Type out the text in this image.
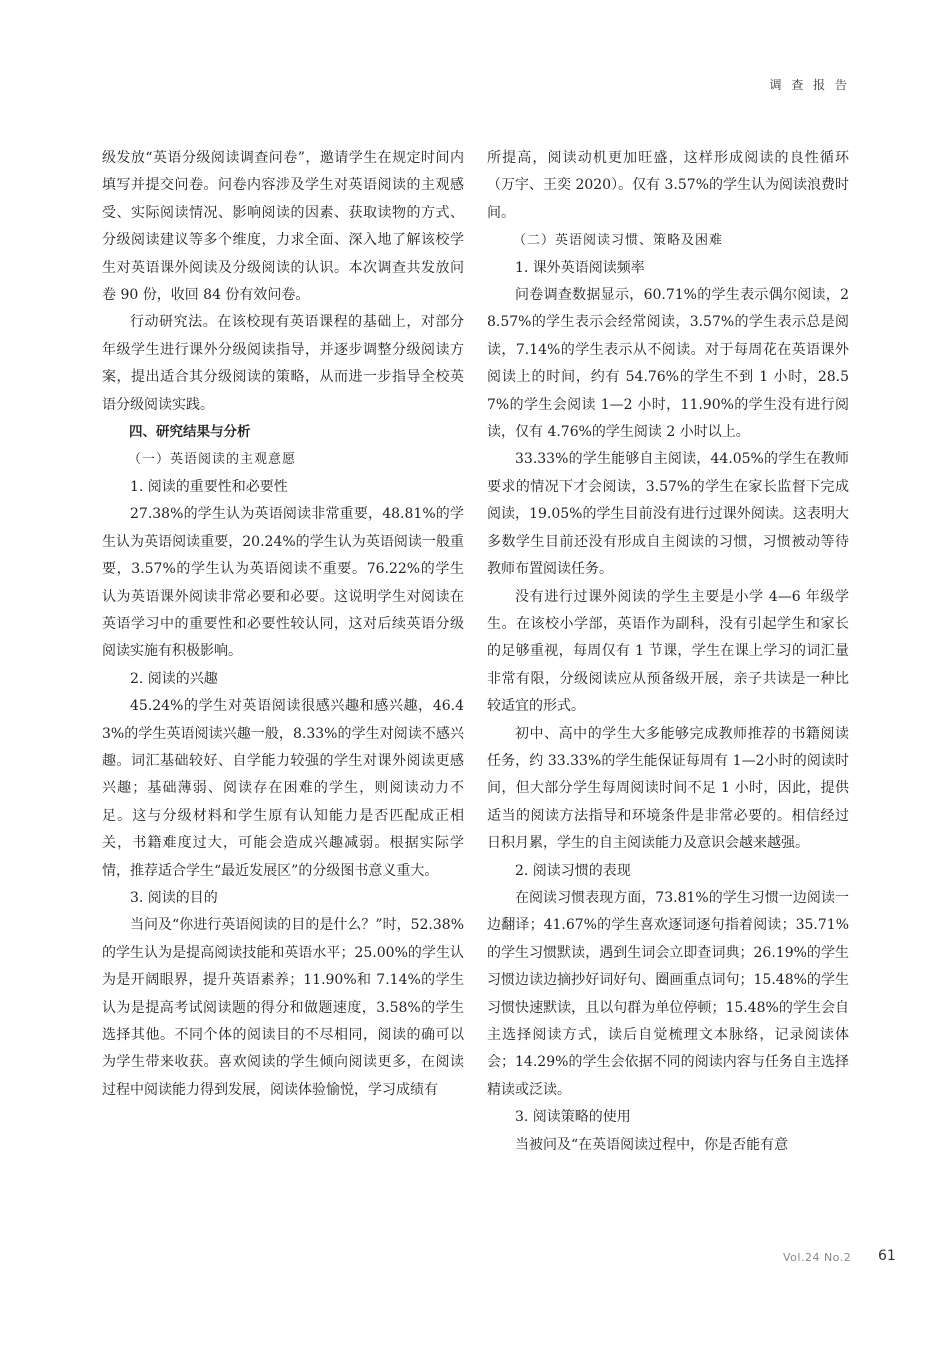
调 查 报 告

级发放“英语分级阅读调查问卷”，邀请学生在规定时间内填写并提交问卷。问卷内容涉及学生对英语阅读的主观感受、实际阅读情况、影响阅读的因素、获取读物的方式、分级阅读建议等多个维度，力求全面、深入地了解该校学生对英语课外阅读及分级阅读的认识。本次调查共发放问卷 90 份，收回 84 份有效问卷。

行动研究法。在该校现有英语课程的基础上，对部分年级学生进行课外分级阅读指导，并逐步调整分级阅读方案，提出适合其分级阅读的策略，从而进一步指导全校英语分级阅读实践。

四、研究结果与分析

（一）英语阅读的主观意愿

1. 阅读的重要性和必要性

27.38%的学生认为英语阅读非常重要，48.81%的学生认为英语阅读重要，20.24%的学生认为英语阅读一般重要，3.57%的学生认为英语阅读不重要。76.22%的学生认为英语课外阅读非常必要和必要。这说明学生对阅读在英语学习中的重要性和必要性较认同，这对后续英语分级阅读实施有积极影响。

2. 阅读的兴趣

45.24%的学生对英语阅读很感兴趣和感兴趣，46.43%的学生英语阅读兴趣一般，8.33%的学生对阅读不感兴趣。词汇基础较好、自学能力较强的学生对课外阅读更感兴趣；基础薄弱、阅读存在困难的学生，则阅读动力不足。这与分级材料和学生原有认知能力是否匹配成正相关，书籍难度过大，可能会造成兴趣减弱。根据实际学情，推荐适合学生“最近发展区”的分级图书意义重大。

3. 阅读的目的

当问及“你进行英语阅读的目的是什么？”时，52.38%的学生认为是提高阅读技能和英语水平；25.00%的学生认为是开阔眼界，提升英语素养；11.90%和 7.14%的学生认为是提高考试阅读题的得分和做题速度，3.58%的学生选择其他。不同个体的阅读目的不尽相同，阅读的确可以为学生带来收获。喜欢阅读的学生倾向阅读更多，在阅读过程中阅读能力得到发展，阅读体验愉悦，学习成绩有

所提高，阅读动机更加旺盛，这样形成阅读的良性循环（万宇、王奕 2020）。仅有 3.57%的学生认为阅读浪费时间。

（二）英语阅读习惯、策略及困难

1. 课外英语阅读频率

问卷调查数据显示，60.71%的学生表示偶尔阅读，28.57%的学生表示会经常阅读，3.57%的学生表示总是阅读，7.14%的学生表示从不阅读。对于每周花在英语课外阅读上的时间，约有 54.76%的学生不到 1 小时，28.57%的学生会阅读 1—2 小时，11.90%的学生没有进行阅读，仅有 4.76%的学生阅读 2 小时以上。

33.33%的学生能够自主阅读，44.05%的学生在教师要求的情况下才会阅读，3.57%的学生在家长监督下完成阅读，19.05%的学生目前没有进行过课外阅读。这表明大多数学生目前还没有形成自主阅读的习惯，习惯被动等待教师布置阅读任务。

没有进行过课外阅读的学生主要是小学 4—6 年级学生。在该校小学部，英语作为副科，没有引起学生和家长的足够重视，每周仅有 1 节课，学生在课上学习的词汇量非常有限，分级阅读应从预备级开展，亲子共读是一种比较适宜的形式。

初中、高中的学生大多能够完成教师推荐的书籍阅读任务，约 33.33%的学生能保证每周有 1—2小时的阅读时间，但大部分学生每周阅读时间不足 1 小时，因此，提供适当的阅读方法指导和环境条件是非常必要的。相信经过日积月累，学生的自主阅读能力及意识会越来越强。

2. 阅读习惯的表现

在阅读习惯表现方面，73.81%的学生习惯一边阅读一边翻译；41.67%的学生喜欢逐词逐句指着阅读；35.71%的学生习惯默读，遇到生词会立即查词典；26.19%的学生习惯边读边摘抄好词好句、圈画重点词句；15.48%的学生习惯快速默读，且以句群为单位停顿；15.48%的学生会自主选择阅读方式，读后自觉梳理文本脉络，记录阅读体会；14.29%的学生会依据不同的阅读内容与任务自主选择精读或泛读。

3. 阅读策略的使用

当被问及“在英语阅读过程中，你是否能有意

Vol.24 No.2 61
